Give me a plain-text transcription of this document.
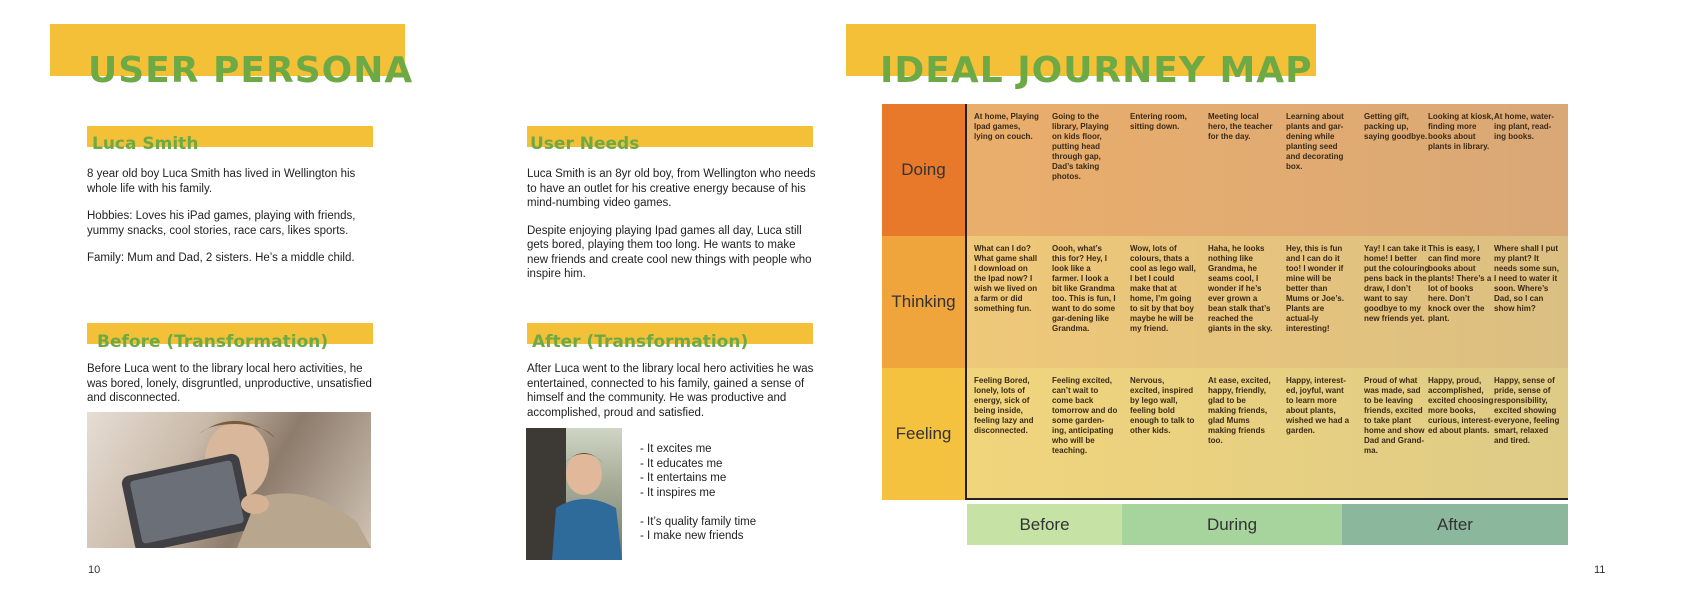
USER PERSONA
Luca Smith

8 year old boy Luca Smith has lived in Wellington his whole life with his family.

Hobbies: Loves his iPad games, playing with friends, yummy snacks, cool stories, race cars, likes sports.

Family: Mum and Dad, 2 sisters. He’s a middle child.

User Needs

Luca Smith is an 8yr old boy, from Wellington who needs to have an outlet for his creative energy because of his mind-numbing video games.

Despite enjoying playing Ipad games all day, Luca still gets bored, playing them too long. He wants to make new friends and create cool new things with people who inspire him.

Before (Transformation)
Before Luca went to the library local hero activities, he was bored, lonely, disgruntled, unproductive, unsatisfied and disconnected.
After (Transformation)
After Luca went to the library local hero activities he was entertained, connected to his family, gained a sense of himself and the community. He was productive and accomplished, proud and satisfied.
- It excites me
- It educates me
- It entertains me
- It inspires me
- It’s quality family time
- I make new friends
10
IDEAL JOURNEY MAP
Doing
Thinking
Feeling
At home, Playing Ipad games, lying on couch.
Going to the library, Playing on kids floor, putting head through gap, Dad’s taking photos.
Entering room, sitting down.
Meeting local hero, the teacher for the day.
Learning about plants and gar-dening while planting seed and decorating box.
Getting gift, packing up, saying goodbye.
Looking at kiosk, finding more books about plants in library.
At home, water-ing plant, read-ing books.
What can I do? What game shall I download on the Ipad now? I wish we lived on a farm or did something fun.
Oooh, what’s this for? Hey, I look like a farmer. I look a bit like Grandma too. This is fun, I want to do some gar-dening like Grandma.
Wow, lots of colours, thats a cool as lego wall, I bet I could make that at home, I’m going to sit by that boy maybe he will be my friend.
Haha, he looks nothing like Grandma, he seams cool, I wonder if he’s ever grown a bean stalk that’s reached the giants in the sky.
Hey, this is fun and I can do it too! I wonder if mine will be better than Mums or Joe’s. Plants are actual-ly interesting!
Yay! I can take it home! I better put the colouring pens back in the draw, I don’t want to say goodbye to my new friends yet.
This is easy, I can find more books about plants! There’s a lot of books here. Don’t knock over the plant.
Where shall I put my plant? It needs some sun, I need to water it soon. Where’s Dad, so I can show him?
Feeling Bored, lonely, lots of energy, sick of being inside, feeling lazy and disconnected.
Feeling excited, can’t wait to come back tomorrow and do some garden-ing, anticipating who will be teaching.
Nervous, excited, inspired by lego wall, feeling bold enough to talk to other kids.
At ease, excited, happy, friendly, glad to be making friends, glad Mums making friends too.
Happy, interest-ed, joyful, want to learn more about plants, wished we had a garden.
Proud of what was made, sad to be leaving friends, excited to take plant home and show Dad and Grand-ma.
Happy, proud, accomplished, excited choosing more books, curious, interest-ed about plants.
Happy, sense of pride, sense of responsibility, excited showing everyone, feeling smart, relaxed and tired.
Before	During	After
11
